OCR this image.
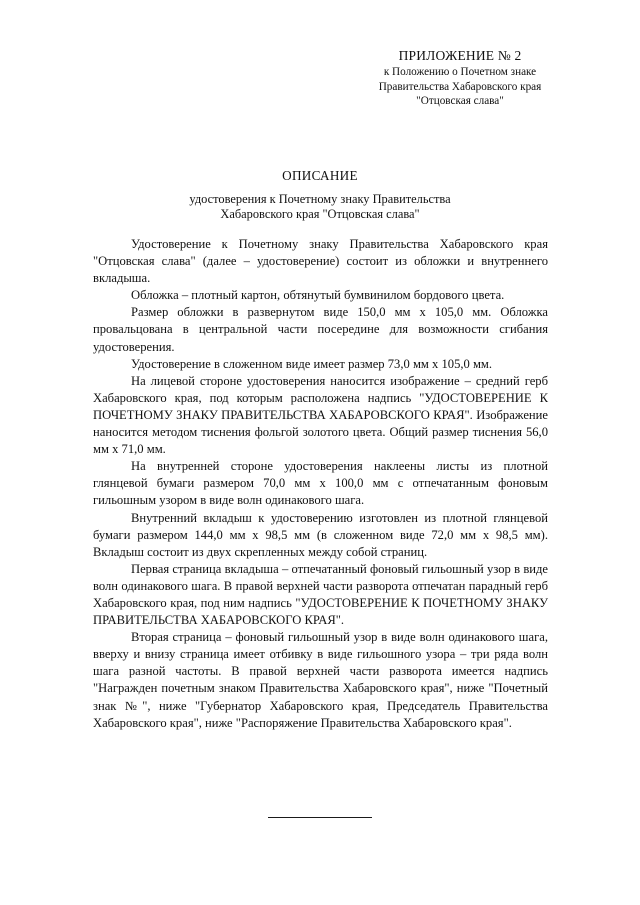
ПРИЛОЖЕНИЕ № 2
к Положению о Почетном знаке
Правительства Хабаровского края
"Отцовская слава"
ОПИСАНИЕ
удостоверения к Почетному знаку Правительства
Хабаровского края "Отцовская слава"

Удостоверение к Почетному знаку Правительства Хабаровского края "Отцовская слава" (далее – удостоверение) состоит из обложки и внутреннего вкладыша.

Обложка – плотный картон, обтянутый бумвинилом бордового цвета.

Размер обложки в развернутом виде 150,0 мм х 105,0 мм. Обложка провальцована в центральной части посередине для возможности сгибания удостоверения.

Удостоверение в сложенном виде имеет размер 73,0 мм х 105,0 мм.

На лицевой стороне удостоверения наносится изображение – средний герб Хабаровского края, под которым расположена надпись "УДОСТОВЕРЕНИЕ К ПОЧЕТНОМУ ЗНАКУ ПРАВИТЕЛЬСТВА ХАБАРОВСКОГО КРАЯ". Изображение наносится методом тиснения фольгой золотого цвета. Общий размер тиснения 56,0 мм х 71,0 мм.

На внутренней стороне удостоверения наклеены листы из плотной глянцевой бумаги размером 70,0 мм х 100,0 мм с отпечатанным фоновым гильошным узором в виде волн одинакового шага.

Внутренний вкладыш к удостоверению изготовлен из плотной глянцевой бумаги размером 144,0 мм х 98,5 мм (в сложенном виде 72,0 мм х 98,5 мм). Вкладыш состоит из двух скрепленных между собой страниц.

Первая страница вкладыша – отпечатанный фоновый гильошный узор в виде волн одинакового шага. В правой верхней части разворота отпечатан парадный герб Хабаровского края, под ним надпись "УДОСТОВЕРЕНИЕ К ПОЧЕТНОМУ ЗНАКУ ПРАВИТЕЛЬСТВА ХАБАРОВСКОГО КРАЯ".

Вторая страница – фоновый гильошный узор в виде волн одинакового шага, вверху и внизу страница имеет отбивку в виде гильошного узора – три ряда волн шага разной частоты. В правой верхней части разворота имеется надпись "Награжден почетным знаком Правительства Хабаровского края", ниже "Почетный знак №", ниже "Губернатор Хабаровского края, Председатель Правительства Хабаровского края", ниже "Распоряжение Правительства Хабаровского края".
